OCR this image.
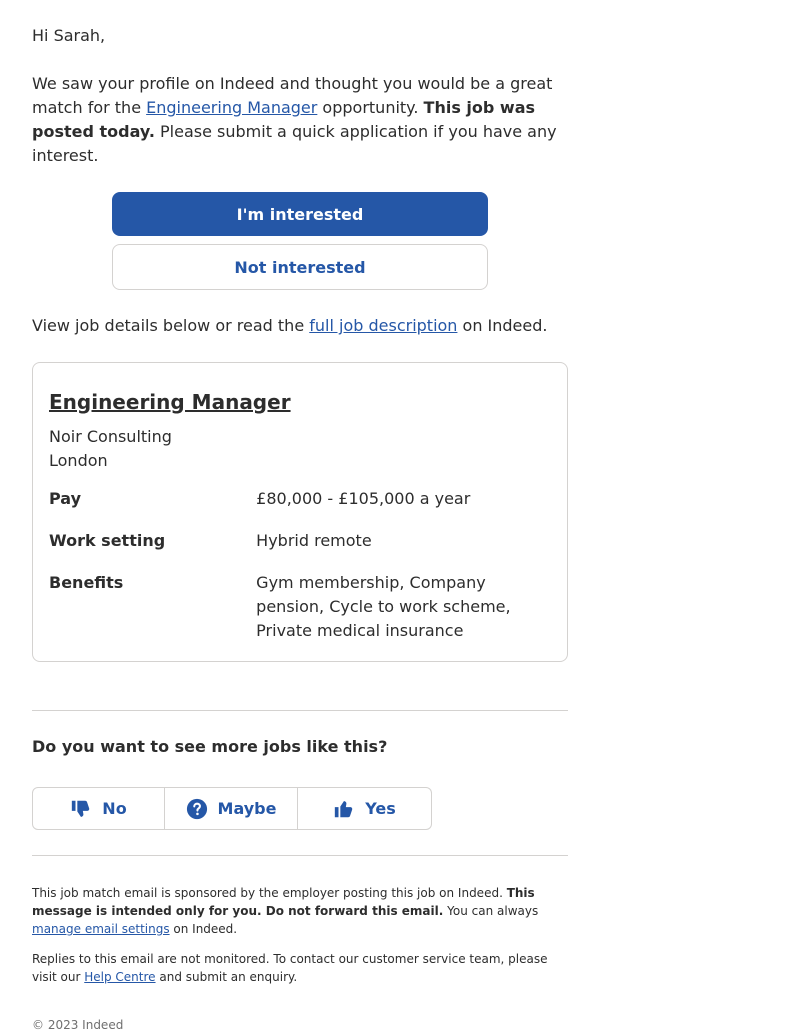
Hi Sarah,

We saw your profile on Indeed and thought you would be a great match for the Engineering Manager opportunity. This job was posted today. Please submit a quick application if you have any interest.

I'm interested
Not interested

View job details below or read the full job description on Indeed.

Engineering Manager

Noir Consulting

London

Pay	£80,000 - £105,000 a year
Work setting	Hybrid remote
Benefits	Gym membership, Company pension, Cycle to work scheme, Private medical insurance

Do you want to see more jobs like this?

No	Maybe	Yes

This job match email is sponsored by the employer posting this job on Indeed. This message is intended only for you. Do not forward this email. You can always manage email settings on Indeed.

Replies to this email are not monitored. To contact our customer service team, please visit our Help Centre and submit an enquiry.

© 2023 Indeed
